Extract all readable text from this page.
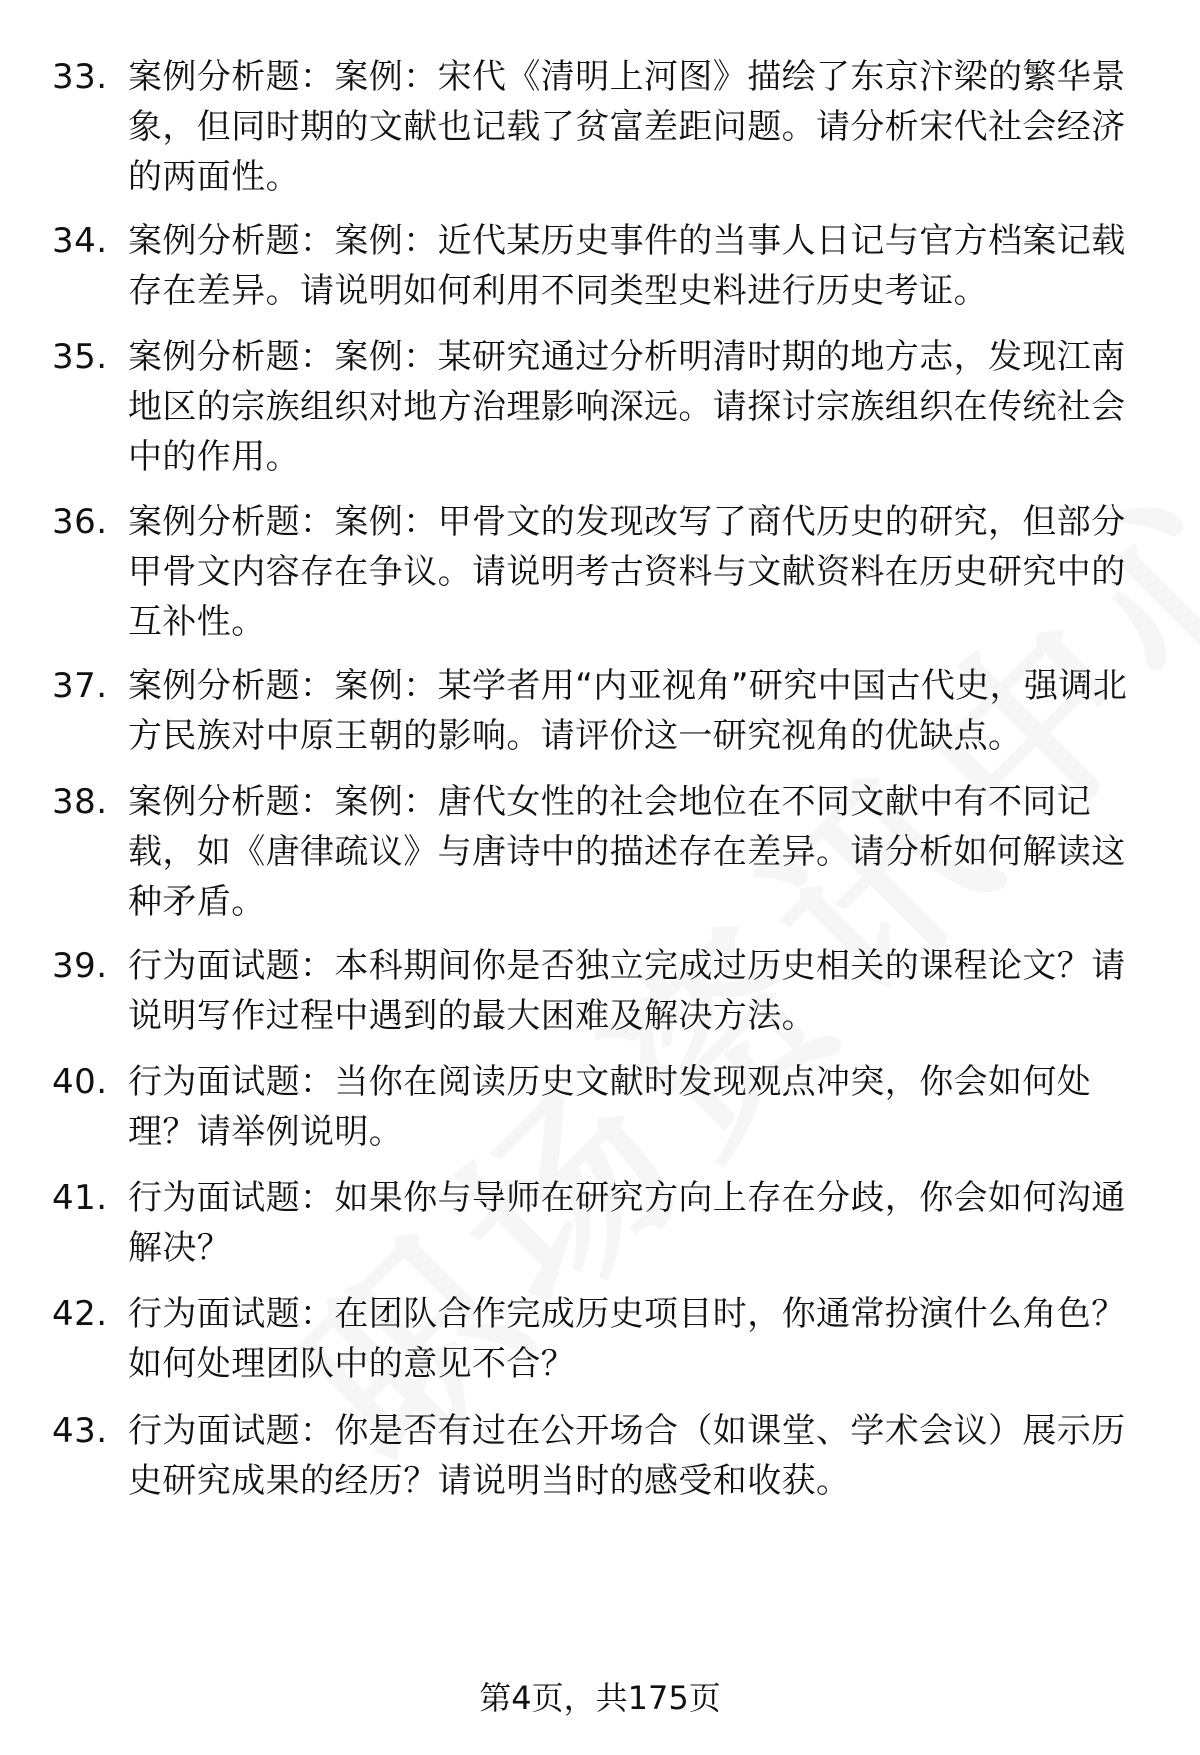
33. 案例分析题：案例：宋代《清明上河图》描绘了东京汴梁的繁华景象，但同时期的文献也记载了贫富差距问题。请分析宋代社会经济的两面性。
34. 案例分析题：案例：近代某历史事件的当事人日记与官方档案记载存在差异。请说明如何利用不同类型史料进行历史考证。
35. 案例分析题：案例：某研究通过分析明清时期的地方志，发现江南地区的宗族组织对地方治理影响深远。请探讨宗族组织在传统社会中的作用。
36. 案例分析题：案例：甲骨文的发现改写了商代历史的研究，但部分甲骨文内容存在争议。请说明考古资料与文献资料在历史研究中的互补性。
37. 案例分析题：案例：某学者用“内亚视角”研究中国古代史，强调北方民族对中原王朝的影响。请评价这一研究视角的优缺点。
38. 案例分析题：案例：唐代女性的社会地位在不同文献中有不同记载，如《唐律疏议》与唐诗中的描述存在差异。请分析如何解读这种矛盾。
39. 行为面试题：本科期间你是否独立完成过历史相关的课程论文？请说明写作过程中遇到的最大困难及解决方法。
40. 行为面试题：当你在阅读历史文献时发现观点冲突，你会如何处理？请举例说明。
41. 行为面试题：如果你与导师在研究方向上存在分歧，你会如何沟通解决？
42. 行为面试题：在团队合作完成历史项目时，你通常扮演什么角色？如何处理团队中的意见不合？
43. 行为面试题：你是否有过在公开场合（如课堂、学术会议）展示历史研究成果的经历？请说明当时的感受和收获。
第4页，共175页
